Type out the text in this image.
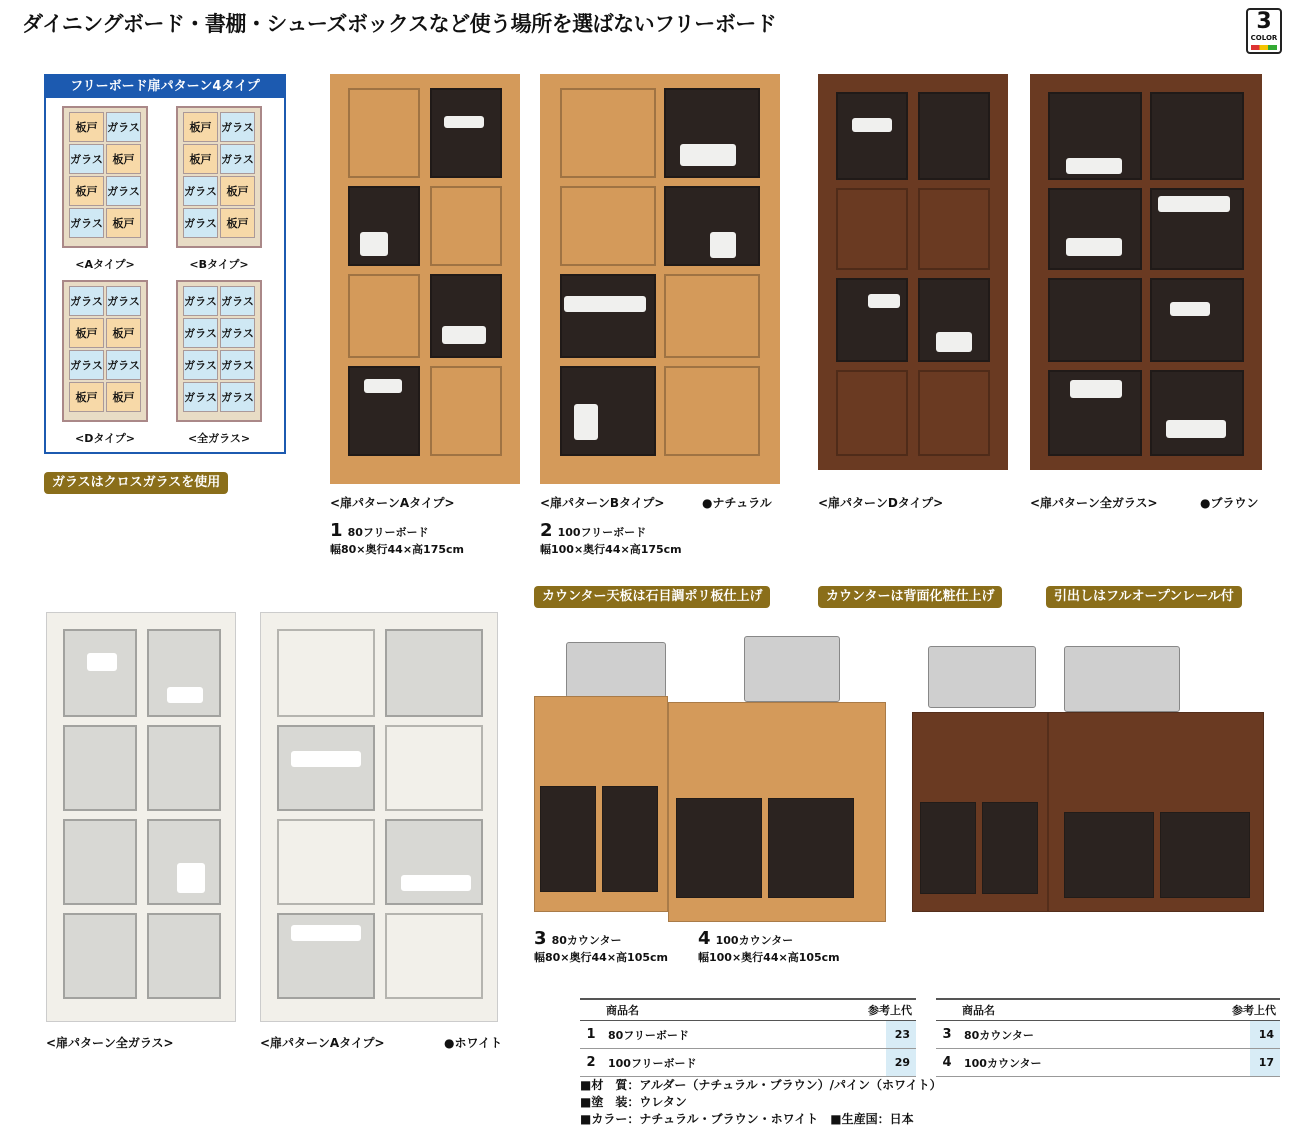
ダイニングボード・書棚・シューズボックスなど使う場所を選ばないフリーボード	3
COLOR
フリーボード扉パターン4タイプ
板戸 ガラス
ガラス 板戸
板戸 ガラス
ガラス 板戸
<Aタイプ>
板戸 ガラス
板戸 ガラス
ガラス 板戸
ガラス 板戸
<Bタイプ>
ガラス ガラス
板戸	板戸
ガラス ガラス
板戸	板戸
<Dタイプ>
ガラス ガラス
ガラス ガラス
ガラス ガラス
ガラス ガラス
<全ガラス>
ガラスはクロスガラスを使用
<扉パターンAタイプ>	<扉パターンBタイプ>	●ナチュラル	<扉パターンDタイプ>	<扉パターン全ガラス>	●ブラウン
1 80フリーボード
幅80×奥行44×高175cm
2 100フリーボード
幅100×奥行44×高175cm
<扉パターン全ガラス>	<扉パターンAタイプ>	●ホワイト
カウンター天板は石目調ポリ板仕上げ	カウンターは背面化粧仕上げ	引出しはフルオープンレール付
3 80カウンター
幅80×奥行44×高105cm
4 100カウンター
幅100×奥行44×高105cm
	商品名	参考上代	
1	80フリーボード		23
2	100フリーボード		29
	商品名	参考上代	
3	80カウンター		14
4	100カウンター		17
■材　質：アルダー（ナチュラル・ブラウン）/パイン（ホワイト）
■塗　装：ウレタン
■カラー：ナチュラル・ブラウン・ホワイト　■生産国：日本
